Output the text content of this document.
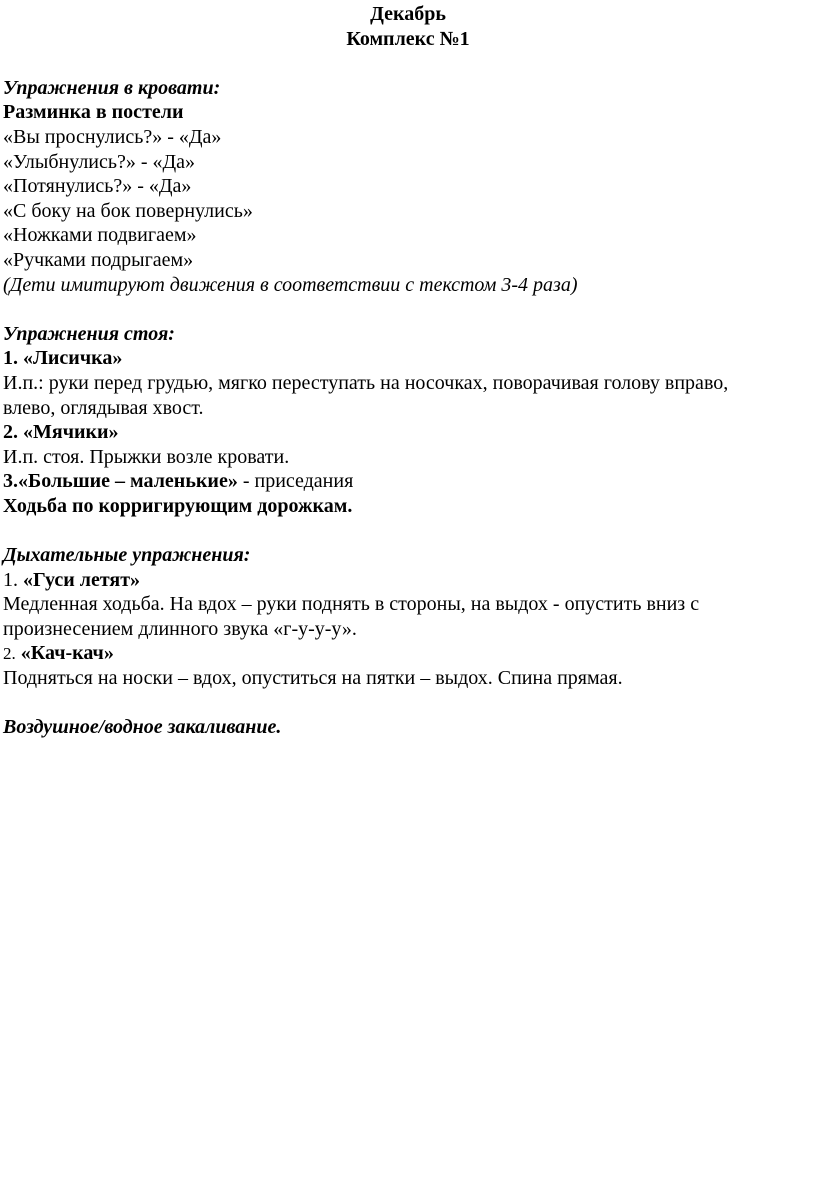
Декабрь
Комплекс №1
Упражнения в кровати:
Разминка в постели
«Вы проснулись?» - «Да»
«Улыбнулись?» - «Да»
«Потянулись?» - «Да»
«С боку на бок повернулись»
«Ножками подвигаем»
«Ручками подрыгаем»
(Дети имитируют движения в соответствии с текстом 3-4 раза)
Упражнения стоя:
1. «Лисичка»
И.п.: руки перед грудью, мягко переступать на носочках, поворачивая голову вправо,
влево, оглядывая хвост.
2. «Мячики»
И.п. стоя. Прыжки возле кровати.
3.«Большие – маленькие» - приседания
Ходьба по корригирующим дорожкам.
Дыхательные упражнения:
1. «Гуси летят»
Медленная ходьба. На вдох – руки поднять в стороны, на выдох - опустить вниз с
произнесением длинного звука «г-у-у-у».
2. «Кач-кач»
Подняться на носки – вдох, опуститься на пятки – выдох. Спина прямая.
Воздушное/водное закаливание.
